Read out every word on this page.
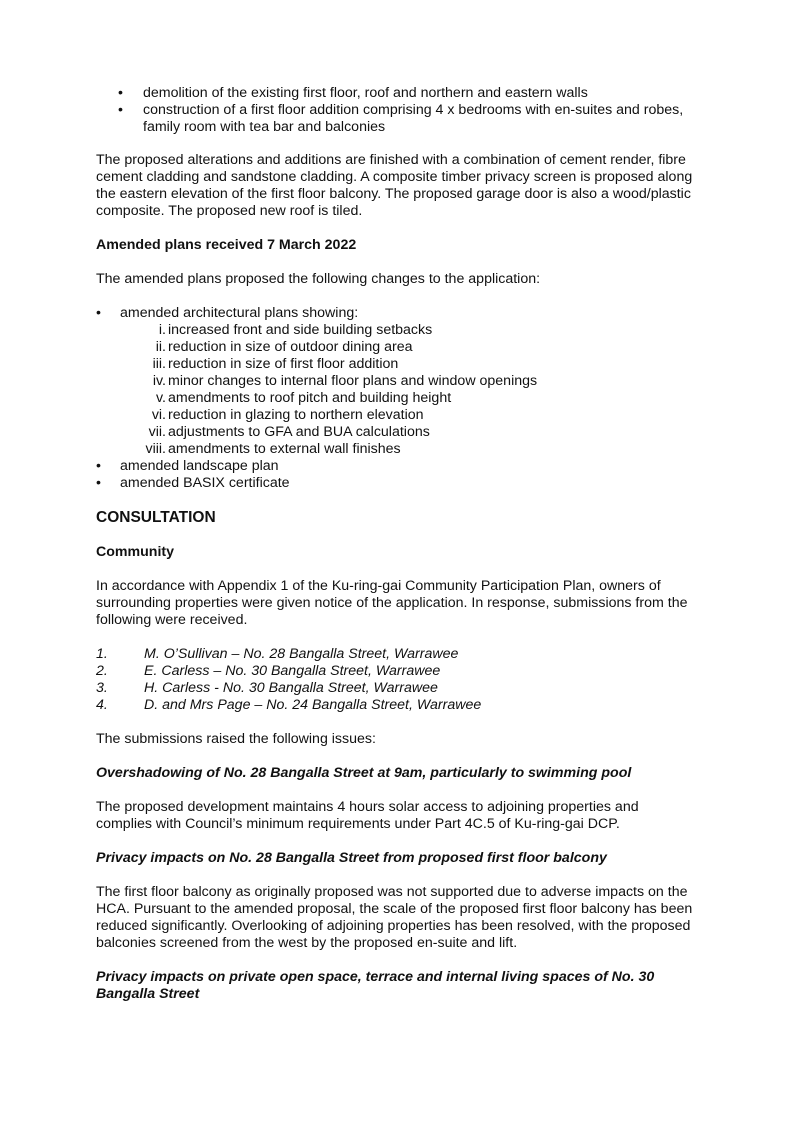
• demolition of the existing first floor, roof and northern and eastern walls
• construction of a first floor addition comprising 4 x bedrooms with en-suites and robes, family room with tea bar and balconies

The proposed alterations and additions are finished with a combination of cement render, fibre cement cladding and sandstone cladding. A composite timber privacy screen is proposed along the eastern elevation of the first floor balcony. The proposed garage door is also a wood/plastic composite. The proposed new roof is tiled.

Amended plans received 7 March 2022

The amended plans proposed the following changes to the application:

• amended architectural plans showing:
i. increased front and side building setbacks
ii. reduction in size of outdoor dining area
iii. reduction in size of first floor addition
iv. minor changes to internal floor plans and window openings
v. amendments to roof pitch and building height
vi. reduction in glazing to northern elevation
vii. adjustments to GFA and BUA calculations
viii. amendments to external wall finishes
• amended landscape plan
• amended BASIX certificate
CONSULTATION
Community

In accordance with Appendix 1 of the Ku-ring-gai Community Participation Plan, owners of surrounding properties were given notice of the application. In response, submissions from the following were received.

1.	M. O’Sullivan – No. 28 Bangalla Street, Warrawee
2.	E. Carless – No. 30 Bangalla Street, Warrawee
3.	H. Carless - No. 30 Bangalla Street, Warrawee
4.	D. and Mrs Page – No. 24 Bangalla Street, Warrawee

The submissions raised the following issues:

Overshadowing of No. 28 Bangalla Street at 9am, particularly to swimming pool

The proposed development maintains 4 hours solar access to adjoining properties and complies with Council’s minimum requirements under Part 4C.5 of Ku-ring-gai DCP.

Privacy impacts on No. 28 Bangalla Street from proposed first floor balcony

The first floor balcony as originally proposed was not supported due to adverse impacts on the HCA. Pursuant to the amended proposal, the scale of the proposed first floor balcony has been reduced significantly. Overlooking of adjoining properties has been resolved, with the proposed balconies screened from the west by the proposed en-suite and lift.

Privacy impacts on private open space, terrace and internal living spaces of No. 30 Bangalla Street
